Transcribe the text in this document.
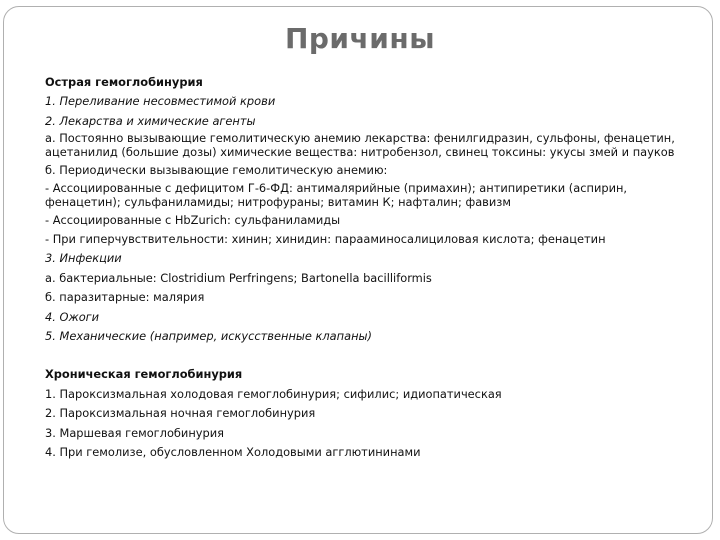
Причины
Острая гемоглобинурия
1. Переливание несовместимой крови
2. Лекарства и химические агенты
а. Постоянно вызывающие гемолитическую анемию лекарства: фенилгидразин, сульфоны, фенацетин, ацетанилид (большие дозы) химические вещества: нитробензол, свинец токсины: укусы змей и пауков
б. Периодически вызывающие гемолитическую анемию:
- Ассоциированные с дефицитом Г-6-ФД: антималярийные (примахин); антипиретики (аспирин, фенацетин); сульфаниламиды; нитрофураны; витамин К; нафталин; фавизм
- Ассоциированные с HbZurich: сульфаниламиды
- При гиперчувствительности: хинин; хинидин: парааминосалициловая кислота; фенацетин
3. Инфекции
а. бактериальные: Clostridium Perfringens; Bartonella bacilliformis
б. паразитарные: малярия
4. Ожоги
5. Механические (например, искусственные клапаны)
Хроническая гемоглобинурия
1. Пароксизмальная холодовая гемоглобинурия; сифилис; идиопатическая
2. Пароксизмальная ночная гемоглобинурия
3. Маршевая гемоглобинурия
4. При гемолизе, обусловленном Холодовыми агглютининами
